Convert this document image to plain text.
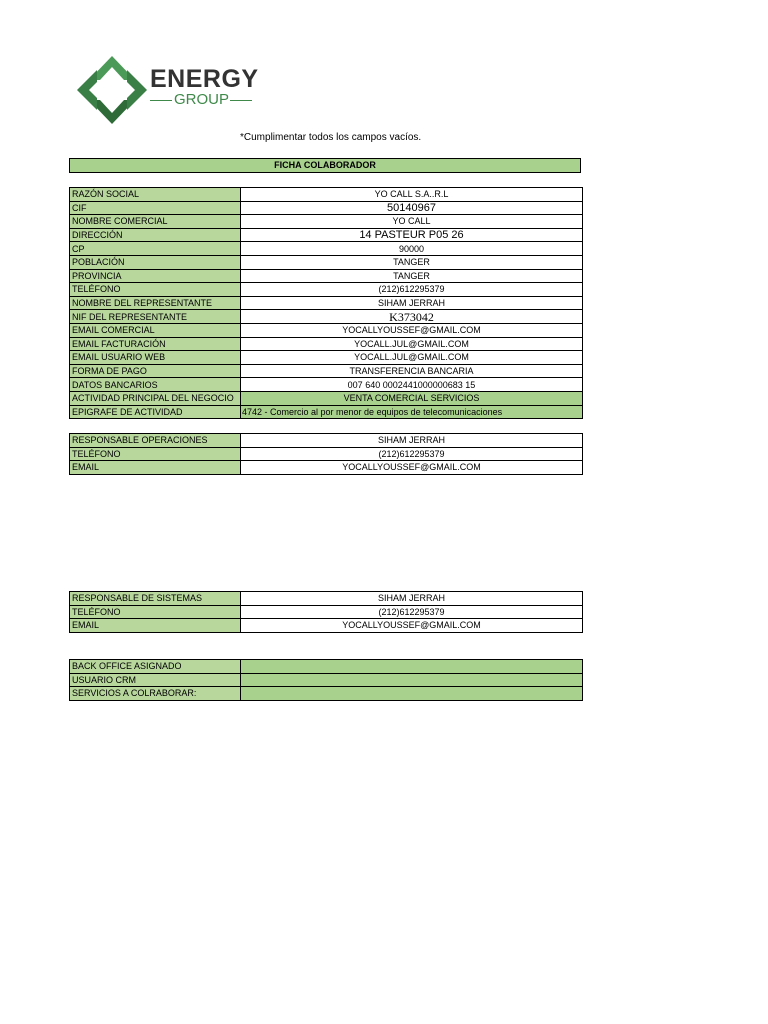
ENERGY
GROUP
*Cumplimentar todos los campos vacíos.
FICHA COLABORADOR
RAZÓN SOCIAL	YO CALL S.A..R.L
CIF	50140967
NOMBRE COMERCIAL	YO CALL
DIRECCIÓN	14 PASTEUR P05 26
CP	90000
POBLACIÓN	TANGER
PROVINCIA	TANGER
TELÉFONO	(212)612295379
NOMBRE DEL REPRESENTANTE	SIHAM JERRAH
NIF DEL REPRESENTANTE	K373042
EMAIL COMERCIAL	YOCALLYOUSSEF@GMAIL.COM
EMAIL FACTURACIÓN	YOCALL.JUL@GMAIL.COM
EMAIL USUARIO WEB	YOCALL.JUL@GMAIL.COM
FORMA DE PAGO	TRANSFERENCIA BANCARIA
DATOS BANCARIOS	007 640 0002441000000683 15
ACTIVIDAD PRINCIPAL DEL NEGOCIO	VENTA COMERCIAL SERVICIOS
EPIGRAFE DE ACTIVIDAD	4742 - Comercio al por menor de equipos de telecomunicaciones
RESPONSABLE OPERACIONES	SIHAM JERRAH
TELÉFONO	(212)612295379
EMAIL	YOCALLYOUSSEF@GMAIL.COM
RESPONSABLE DE SISTEMAS	SIHAM JERRAH
TELÉFONO	(212)612295379
EMAIL	YOCALLYOUSSEF@GMAIL.COM
BACK OFFICE ASIGNADO	
USUARIO CRM	
SERVICIOS A COLRABORAR:	
